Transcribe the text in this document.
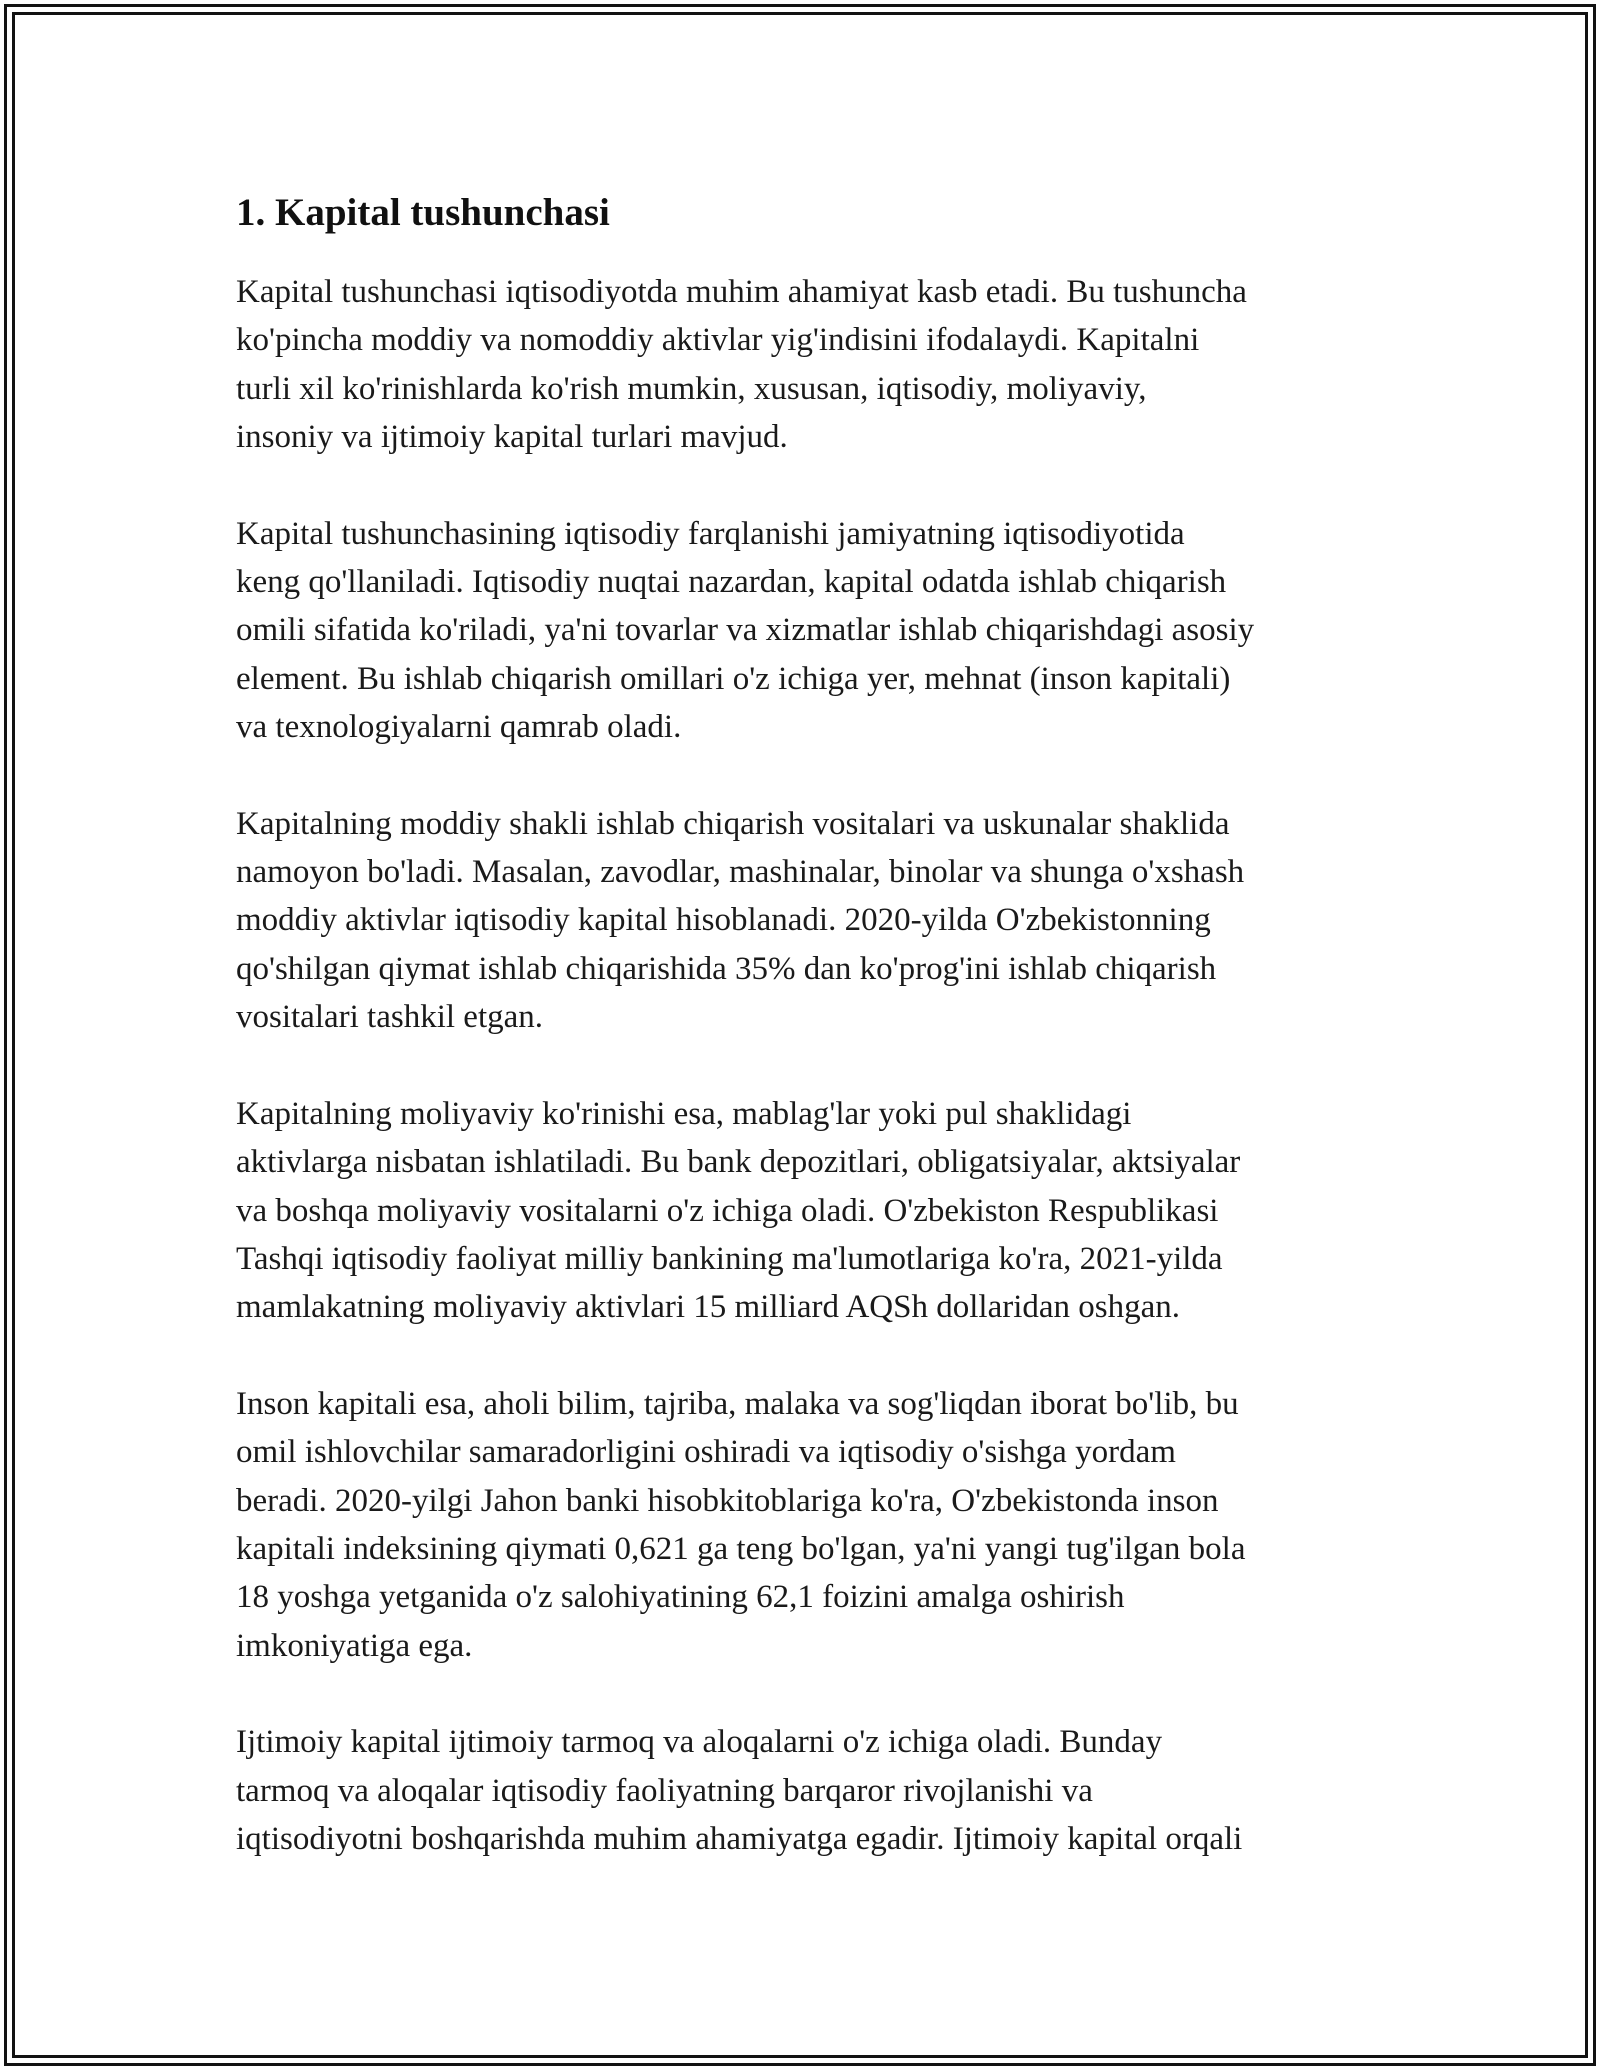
1. Kapital tushunchasi

Kapital tushunchasi iqtisodiyotda muhim ahamiyat kasb etadi. Bu tushuncha
ko'pincha moddiy va nomoddiy aktivlar yig'indisini ifodalaydi. Kapitalni
turli xil ko'rinishlarda ko'rish mumkin, xususan, iqtisodiy, moliyaviy,
insoniy va ijtimoiy kapital turlari mavjud.

Kapital tushunchasining iqtisodiy farqlanishi jamiyatning iqtisodiyotida
keng qo'llaniladi. Iqtisodiy nuqtai nazardan, kapital odatda ishlab chiqarish
omili sifatida ko'riladi, ya'ni tovarlar va xizmatlar ishlab chiqarishdagi asosiy
element. Bu ishlab chiqarish omillari o'z ichiga yer, mehnat (inson kapitali)
va texnologiyalarni qamrab oladi.

Kapitalning moddiy shakli ishlab chiqarish vositalari va uskunalar shaklida
namoyon bo'ladi. Masalan, zavodlar, mashinalar, binolar va shunga o'xshash
moddiy aktivlar iqtisodiy kapital hisoblanadi. 2020-yilda O'zbekistonning
qo'shilgan qiymat ishlab chiqarishida 35% dan ko'prog'ini ishlab chiqarish
vositalari tashkil etgan.

Kapitalning moliyaviy ko'rinishi esa, mablag'lar yoki pul shaklidagi
aktivlarga nisbatan ishlatiladi. Bu bank depozitlari, obligatsiyalar, aktsiyalar
va boshqa moliyaviy vositalarni o'z ichiga oladi. O'zbekiston Respublikasi
Tashqi iqtisodiy faoliyat milliy bankining ma'lumotlariga ko'ra, 2021-yilda
mamlakatning moliyaviy aktivlari 15 milliard AQSh dollaridan oshgan.

Inson kapitali esa, aholi bilim, tajriba, malaka va sog'liqdan iborat bo'lib, bu
omil ishlovchilar samaradorligini oshiradi va iqtisodiy o'sishga yordam
beradi. 2020-yilgi Jahon banki hisobkitoblariga ko'ra, O'zbekistonda inson
kapitali indeksining qiymati 0,621 ga teng bo'lgan, ya'ni yangi tug'ilgan bola
18 yoshga yetganida o'z salohiyatining 62,1 foizini amalga oshirish
imkoniyatiga ega.

Ijtimoiy kapital ijtimoiy tarmoq va aloqalarni o'z ichiga oladi. Bunday
tarmoq va aloqalar iqtisodiy faoliyatning barqaror rivojlanishi va
iqtisodiyotni boshqarishda muhim ahamiyatga egadir. Ijtimoiy kapital orqali
